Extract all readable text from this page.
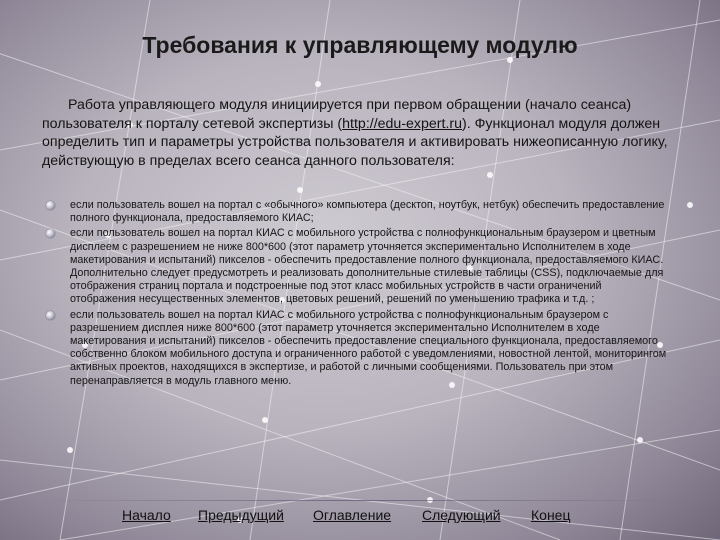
Требования к управляющему модулю
Работа управляющего модуля инициируется при первом обращении (начало сеанса) пользователя к порталу сетевой экспертизы (http://edu-expert.ru). Функционал модуля должен определить тип и параметры устройства пользователя и активировать нижеописанную логику, действующую в пределах всего сеанса данного пользователя:
если пользователь вошел на портал с «обычного» компьютера (десктоп, ноутбук, нетбук) обеспечить предоставление полного функционала, предоставляемого КИАС;
если пользователь вошел на портал КИАС с мобильного устройства с полнофункциональным браузером и цветным дисплеем с разрешением не ниже 800*600 (этот параметр уточняется экспериментально Исполнителем в ходе макетирования и испытаний) пикселов - обеспечить предоставление полного функционала, предоставляемого КИАС. Дополнительно следует предусмотреть и реализовать дополнительные стилевые таблицы (CSS), подключаемые для отображения страниц портала и подстроенные под этот класс мобильных устройств в части ограничений отображения несущественных элементов, цветовых решений, решений по уменьшению трафика и т.д. ;
если пользователь вошел на портал КИАС с мобильного устройства с полнофункциональным браузером с разрешением дисплея ниже 800*600 (этот параметр уточняется экспериментально Исполнителем в ходе макетирования и испытаний) пикселов - обеспечить предоставление специального функционала, предоставляемого собственно блоком мобильного доступа и ограниченного работой с уведомлениями, новостной лентой, мониторингом активных проектов, находящихся в экспертизе, и работой с личными сообщениями. Пользователь при этом перенаправляется в модуль главного меню.
Начало Предыдущий Оглавление Следующий Конец
